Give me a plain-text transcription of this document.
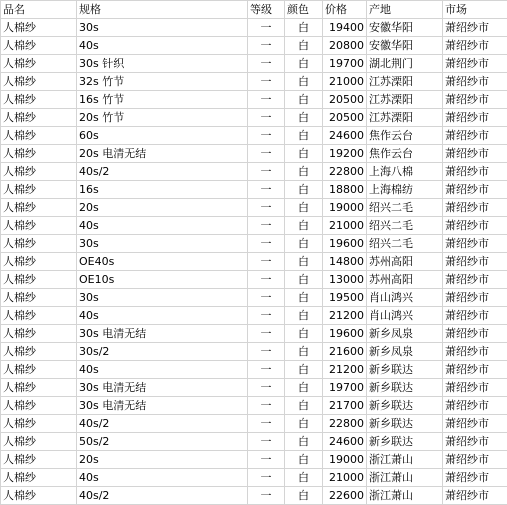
品名	规格	等级	颜色	价格	产地	市场
人棉纱	30s	一	白	19400	安徽华阳	萧绍纱市
人棉纱	40s	一	白	20800	安徽华阳	萧绍纱市
人棉纱	30s 针织	一	白	19700	湖北荆门	萧绍纱市
人棉纱	32s 竹节	一	白	21000	江苏溧阳	萧绍纱市
人棉纱	16s 竹节	一	白	20500	江苏溧阳	萧绍纱市
人棉纱	20s 竹节	一	白	20500	江苏溧阳	萧绍纱市
人棉纱	60s	一	白	24600	焦作云台	萧绍纱市
人棉纱	20s 电清无结	一	白	19200	焦作云台	萧绍纱市
人棉纱	40s/2	一	白	22800	上海八棉	萧绍纱市
人棉纱	16s	一	白	18800	上海棉纺	萧绍纱市
人棉纱	20s	一	白	19000	绍兴二毛	萧绍纱市
人棉纱	40s	一	白	21000	绍兴二毛	萧绍纱市
人棉纱	30s	一	白	19600	绍兴二毛	萧绍纱市
人棉纱	OE40s	一	白	14800	苏州高阳	萧绍纱市
人棉纱	OE10s	一	白	13000	苏州高阳	萧绍纱市
人棉纱	30s	一	白	19500	肖山鸿兴	萧绍纱市
人棉纱	40s	一	白	21200	肖山鸿兴	萧绍纱市
人棉纱	30s 电清无结	一	白	19600	新乡凤泉	萧绍纱市
人棉纱	30s/2	一	白	21600	新乡凤泉	萧绍纱市
人棉纱	40s	一	白	21200	新乡联达	萧绍纱市
人棉纱	30s 电清无结	一	白	19700	新乡联达	萧绍纱市
人棉纱	30s 电清无结	一	白	21700	新乡联达	萧绍纱市
人棉纱	40s/2	一	白	22800	新乡联达	萧绍纱市
人棉纱	50s/2	一	白	24600	新乡联达	萧绍纱市
人棉纱	20s	一	白	19000	浙江萧山	萧绍纱市
人棉纱	40s	一	白	21000	浙江萧山	萧绍纱市
人棉纱	40s/2	一	白	22600	浙江萧山	萧绍纱市
